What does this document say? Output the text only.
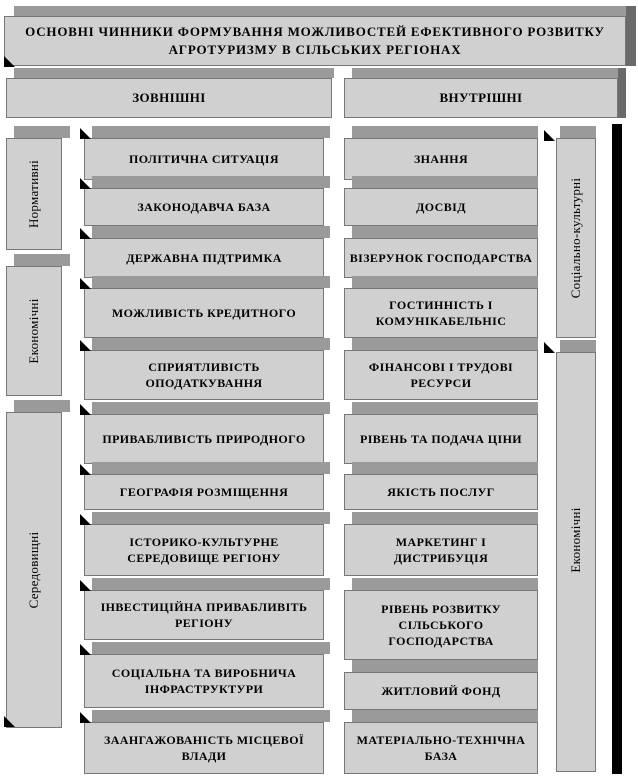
ОСНОВНІ ЧИННИКИ ФОРМУВАННЯ МОЖЛИВОСТЕЙ ЕФЕКТИВНОГО РОЗВИТКУ АГРОТУРИЗМУ В СІЛЬСЬКИХ РЕГІОНАХ
ЗОВНІШНІ	ВНУТРІШНІ
Нормативні
Економічні
Середовищні
Соціально-культурні
Економічні
ПОЛІТИЧНА СИТУАЦІЯ
ЗАКОНОДАВЧА БАЗА
ДЕРЖАВНА ПІДТРИМКА
МОЖЛИВІСТЬ КРЕДИТНОГО
СПРИЯТЛИВІСТЬ ОПОДАТКУВАННЯ
ПРИВАБЛИВІСТЬ ПРИРОДНОГО
ГЕОГРАФІЯ РОЗМІЩЕННЯ
ІСТОРИКО-КУЛЬТУРНЕ СЕРЕДОВИЩЕ РЕГІОНУ
ІНВЕСТИЦІЙНА ПРИВАБЛИВІТЬ РЕГІОНУ
СОЦІАЛЬНА ТА ВИРОБНИЧА ІНФРАСТРУКТУРИ
ЗААНГАЖОВАНІСТЬ МІСЦЕВОЇ ВЛАДИ
ЗНАННЯ
ДОСВІД
ВІЗЕРУНОК ГОСПОДАРСТВА
ГОСТИННІСТЬ І КОМУНІКАБЕЛЬНІС
ФІНАНСОВІ І ТРУДОВІ РЕСУРСИ
РІВЕНЬ ТА ПОДАЧА ЦІНИ
ЯКІСТЬ ПОСЛУГ
МАРКЕТИНГ І ДИСТРИБУЦІЯ
РІВЕНЬ РОЗВИТКУ СІЛЬСЬКОГО ГОСПОДАРСТВА
ЖИТЛОВИЙ ФОНД
МАТЕРІАЛЬНО-ТЕХНІЧНА БАЗА
